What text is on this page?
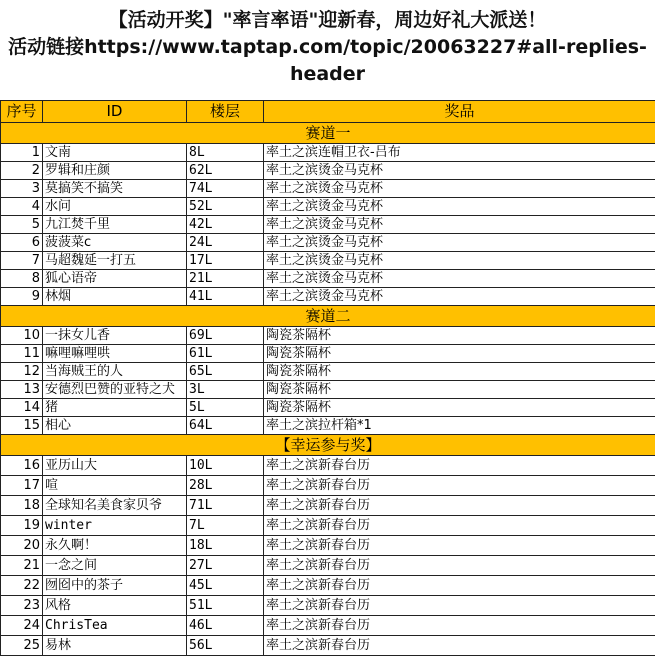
【活动开奖】"率言率语"迎新春，周边好礼大派送！
活动链接https://www.taptap.com/topic/20063227#all-replies-
header
序号	ID	楼层	奖品
赛道一			
1	文南	8L	率土之滨连帽卫衣-吕布
2	罗辑和庄颜	62L	率土之滨烫金马克杯
3	莫搞笑不搞笑	74L	率土之滨烫金马克杯
4	水问	52L	率土之滨烫金马克杯
5	九江焚千里	42L	率土之滨烫金马克杯
6	菠菠菜c	24L	率土之滨烫金马克杯
7	马超魏延一打五	17L	率土之滨烫金马克杯
8	狐心语帝	21L	率土之滨烫金马克杯
9	林烟	41L	率土之滨烫金马克杯
赛道二			
10	一抹女儿香	69L	陶瓷茶隔杯
11	嘛哩嘛哩哄	61L	陶瓷茶隔杯
12	当海贼王的人	65L	陶瓷茶隔杯
13	安德烈巴赞的亚特之犬	3L	陶瓷茶隔杯
14	猪	5L	陶瓷茶隔杯
15	相心	64L	率土之滨拉杆箱*1
【幸运参与奖】			
16	亚历山大	10L	率土之滨新春台历
17	喧	28L	率土之滨新春台历
18	全球知名美食家贝爷	71L	率土之滨新春台历
19	winter	7L	率土之滨新春台历
20	永久啊！	18L	率土之滨新春台历
21	一念之间	27L	率土之滨新春台历
22	囫囵中的茶子	45L	率土之滨新春台历
23	风格	51L	率土之滨新春台历
24	ChrisTea	46L	率土之滨新春台历
25	易林	56L	率土之滨新春台历
